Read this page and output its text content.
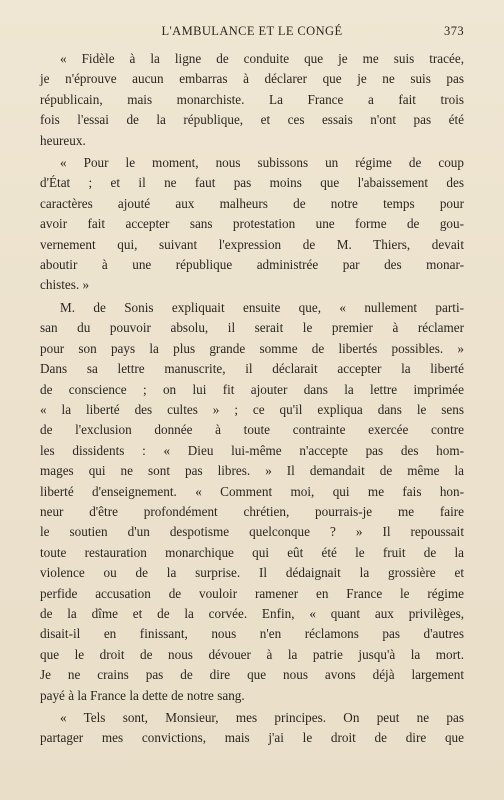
L'AMBULANCE ET LE CONGÉ	373
« Fidèle à la ligne de conduite que je me suis tracée,
je n'éprouve aucun embarras à déclarer que je ne suis pas
républicain, mais monarchiste. La France a fait trois
fois l'essai de la république, et ces essais n'ont pas été
heureux.
« Pour le moment, nous subissons un régime de coup
d'État ; et il ne faut pas moins que l'abaissement des
caractères ajouté aux malheurs de notre temps pour
avoir fait accepter sans protestation une forme de gou-
vernement qui, suivant l'expression de M. Thiers, devait
aboutir à une république administrée par des monar-
chistes. »
M. de Sonis expliquait ensuite que, « nullement parti-
san du pouvoir absolu, il serait le premier à réclamer
pour son pays la plus grande somme de libertés possibles. »
Dans sa lettre manuscrite, il déclarait accepter la liberté
de conscience ; on lui fit ajouter dans la lettre imprimée
« la liberté des cultes » ; ce qu'il expliqua dans le sens
de l'exclusion donnée à toute contrainte exercée contre
les dissidents : « Dieu lui-même n'accepte pas des hom-
mages qui ne sont pas libres. » Il demandait de même la
liberté d'enseignement. « Comment moi, qui me fais hon-
neur d'être profondément chrétien, pourrais-je me faire
le soutien d'un despotisme quelconque ? » Il repoussait
toute restauration monarchique qui eût été le fruit de la
violence ou de la surprise. Il dédaignait la grossière et
perfide accusation de vouloir ramener en France le régime
de la dîme et de la corvée. Enfin, « quant aux privilèges,
disait-il en finissant, nous n'en réclamons pas d'autres
que le droit de nous dévouer à la patrie jusqu'à la mort.
Je ne crains pas de dire que nous avons déjà largement
payé à la France la dette de notre sang.
« Tels sont, Monsieur, mes principes. On peut ne pas
partager mes convictions, mais j'ai le droit de dire que
